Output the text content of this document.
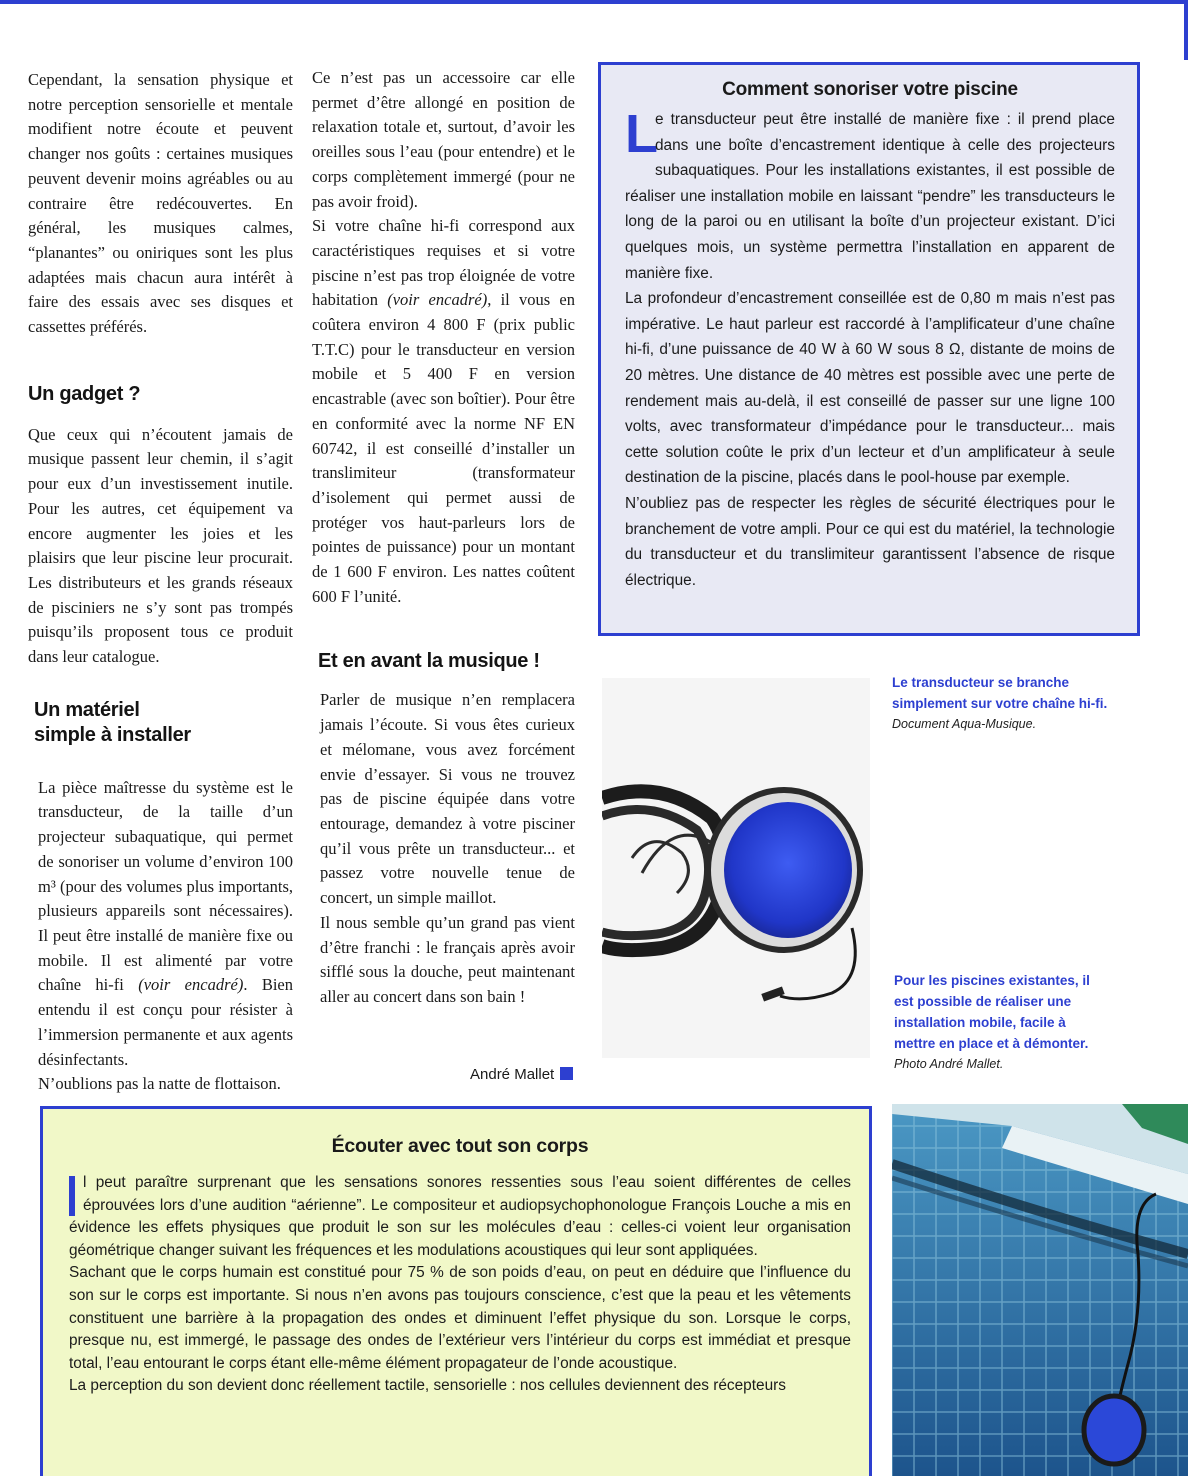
Cependant, la sensation physique et notre perception sensorielle et mentale modifient notre écoute et peuvent changer nos goûts : certaines musiques peuvent devenir moins agréables ou au contraire être redécouvertes. En général, les musiques calmes, “planantes” ou oniriques sont les plus adaptées mais chacun aura intérêt à faire des essais avec ses disques et cassettes préférés.

Un gadget ?

Que ceux qui n’écoutent jamais de musique passent leur chemin, il s’agit pour eux d’un investissement inutile. Pour les autres, cet équipement va encore augmenter les joies et les plaisirs que leur piscine leur procurait. Les distributeurs et les grands réseaux de pisciniers ne s’y sont pas trompés puisqu’ils proposent tous ce produit dans leur catalogue.

Un matériel
simple à installer

La pièce maîtresse du système est le transducteur, de la taille d’un projecteur subaquatique, qui permet de sonoriser un volume d’environ 100 m³ (pour des volumes plus importants, plusieurs appareils sont nécessaires). Il peut être installé de manière fixe ou mobile. Il est alimenté par votre chaîne hi-fi (voir encadré). Bien entendu il est conçu pour résister à l’immersion permanente et aux agents désinfectants.

N’oublions pas la natte de flottaison.

Ce n’est pas un accessoire car elle permet d’être allongé en position de relaxation totale et, surtout, d’avoir les oreilles sous l’eau (pour entendre) et le corps complètement immergé (pour ne pas avoir froid).

Si votre chaîne hi-fi correspond aux caractéristiques requises et si votre piscine n’est pas trop éloignée de votre habitation (voir encadré), il vous en coûtera environ 4 800 F (prix public T.T.C) pour le transducteur en version mobile et 5 400 F en version encastrable (avec son boîtier). Pour être en conformité avec la norme NF EN 60742, il est conseillé d’installer un translimiteur (transformateur d’isolement qui permet aussi de protéger vos haut-parleurs lors de pointes de puissance) pour un montant de 1 600 F environ. Les nattes coûtent 600 F l’unité.

Et en avant la musique !

Parler de musique n’en remplacera jamais l’écoute. Si vous êtes curieux et mélomane, vous avez forcément envie d’essayer. Si vous ne trouvez pas de piscine équipée dans votre entourage, demandez à votre pisciner qu’il vous prête un transducteur... et passez votre nouvelle tenue de concert, un simple maillot.

Il nous semble qu’un grand pas vient d’être franchi : le français après avoir sifflé sous la douche, peut maintenant aller au concert dans son bain !

André Mallet
Comment sonoriser votre piscine

L
e transducteur peut être installé de manière fixe : il prend place dans une boîte d’encastrement identique à celle des projecteurs subaquatiques. Pour les installations existantes, il est possible de réaliser une installation mobile en laissant “pendre” les transducteurs le long de la paroi ou en utilisant la boîte d’un projecteur existant. D’ici quelques mois, un système permettra l’installation en apparent de manière fixe.

La profondeur d’encastrement conseillée est de 0,80 m mais n’est pas impérative. Le haut parleur est raccordé à l’amplificateur d’une chaîne hi-fi, d’une puissance de 40 W à 60 W sous 8 Ω, distante de moins de 20 mètres. Une distance de 40 mètres est possible avec une perte de rendement mais au-delà, il est conseillé de passer sur une ligne 100 volts, avec transformateur d’impédance pour le transducteur... mais cette solution coûte le prix d’un lecteur et d’un amplificateur à seule destination de la piscine, placés dans le pool-house par exemple.

N’oubliez pas de respecter les règles de sécurité électriques pour le branchement de votre ampli. Pour ce qui est du matériel, la technologie du transducteur et du translimiteur garantissent l’absence de risque électrique.

Le transducteur se branche simplement sur votre chaîne hi-fi.
Document Aqua-Musique.
Pour les piscines existantes, il est possible de réaliser une installation mobile, facile à mettre en place et à démonter.
Photo André Mallet.
Écouter avec tout son corps

l peut paraître surprenant que les sensations sonores ressenties sous l’eau soient différentes de celles éprouvées lors d’une audition “aérienne”. Le compositeur et audiopsychophonologue François Louche a mis en évidence les effets physiques que produit le son sur les molécules d’eau : celles-ci voient leur organisation géométrique changer suivant les fréquences et les modulations acoustiques qui leur sont appliquées.

Sachant que le corps humain est constitué pour 75 % de son poids d’eau, on peut en déduire que l’influence du son sur le corps est importante. Si nous n’en avons pas toujours conscience, c’est que la peau et les vêtements constituent une barrière à la propagation des ondes et diminuent l’effet physique du son. Lorsque le corps, presque nu, est immergé, le passage des ondes de l’extérieur vers l’intérieur du corps est immédiat et presque total, l’eau entourant le corps étant elle-même élément propagateur de l’onde acoustique.

La perception du son devient donc réellement tactile, sensorielle : nos cellules deviennent des récepteurs
